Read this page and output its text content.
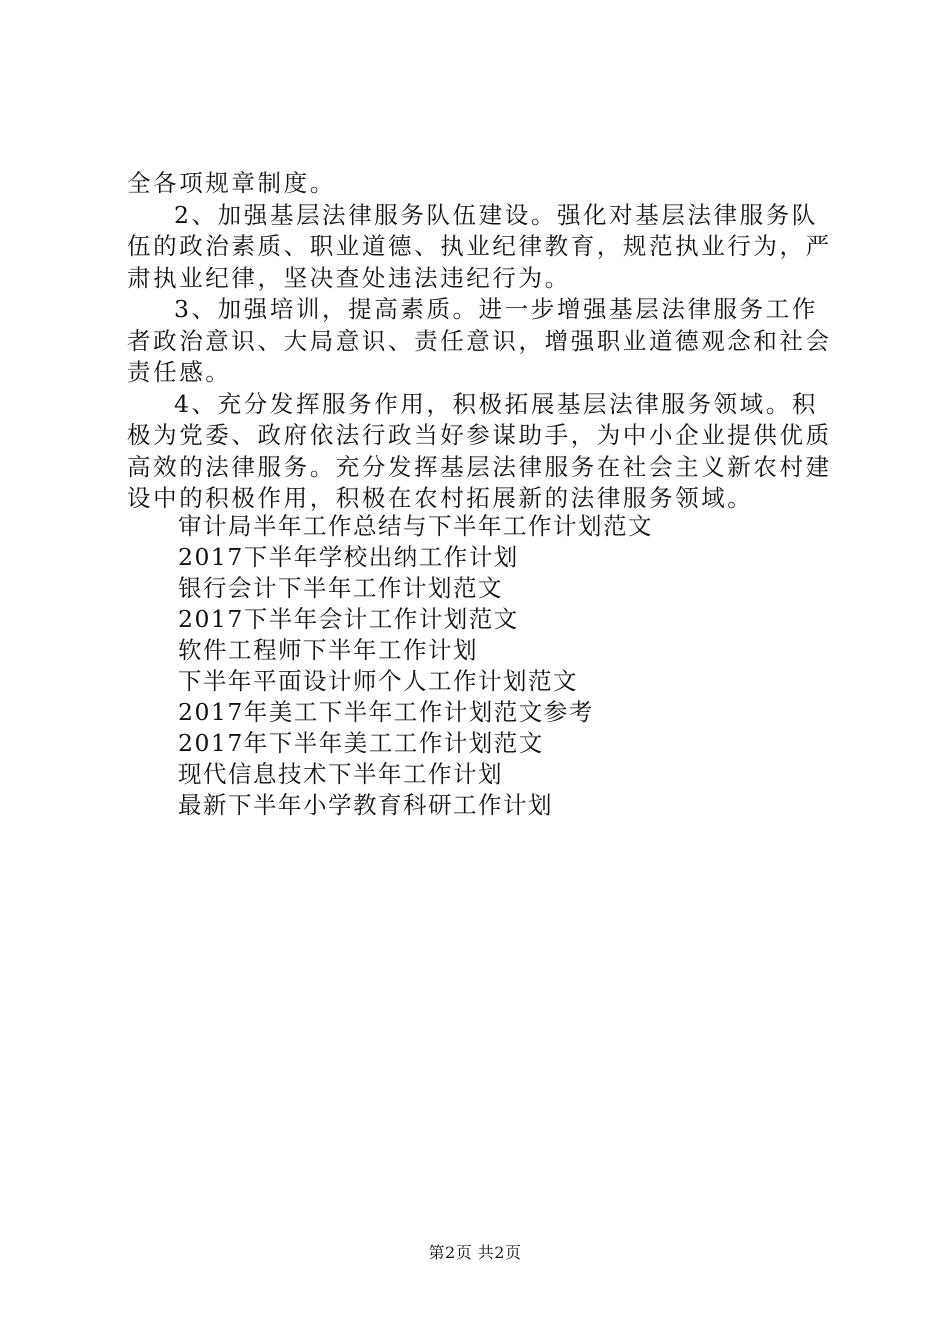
全各项规章制度。

2、加强基层法律服务队伍建设。强化对基层法律服务队伍的政治素质、职业道德、执业纪律教育，规范执业行为，严肃执业纪律，坚决查处违法违纪行为。

3、加强培训，提高素质。进一步增强基层法律服务工作者政治意识、大局意识、责任意识，增强职业道德观念和社会责任感。

4、充分发挥服务作用，积极拓展基层法律服务领域。积极为党委、政府依法行政当好参谋助手，为中小企业提供优质高效的法律服务。充分发挥基层法律服务在社会主义新农村建设中的积极作用，积极在农村拓展新的法律服务领域。

审计局半年工作总结与下半年工作计划范文
2017下半年学校出纳工作计划
银行会计下半年工作计划范文
2017下半年会计工作计划范文
软件工程师下半年工作计划
下半年平面设计师个人工作计划范文
2017年美工下半年工作计划范文参考
2017年下半年美工工作计划范文
现代信息技术下半年工作计划
最新下半年小学教育科研工作计划
第2页 共2页
